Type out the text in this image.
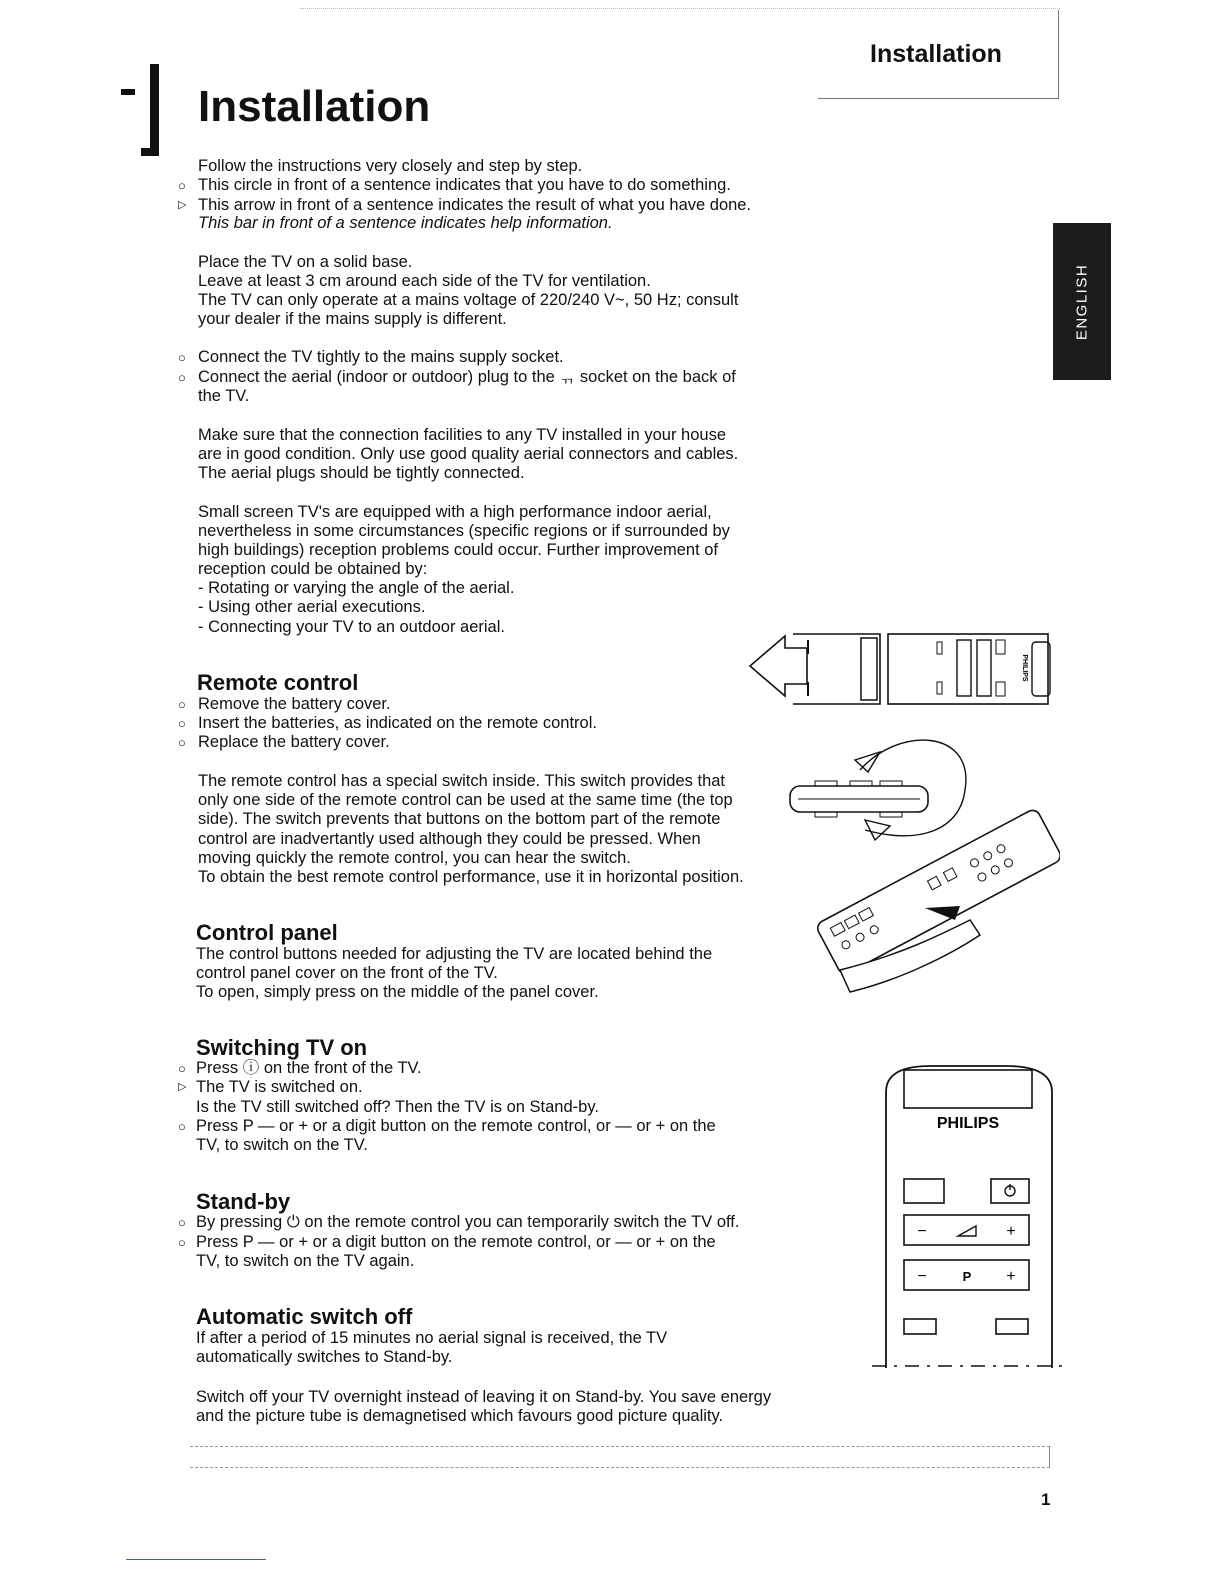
Installation
Installation
ENGLISH
Follow the instructions very closely and step by step.
○ This circle in front of a sentence indicates that you have to do something.
▷ This arrow in front of a sentence indicates the result of what you have done.
This bar in front of a sentence indicates help information.
Place the TV on a solid base.
Leave at least 3 cm around each side of the TV for ventilation.
The TV can only operate at a mains voltage of 220/240 V~, 50 Hz; consult
your dealer if the mains supply is different.
○ Connect the TV tightly to the mains supply socket.
○ Connect the aerial (indoor or outdoor) plug to the ᆩ socket on the back of
the TV.
Make sure that the connection facilities to any TV installed in your house
are in good condition. Only use good quality aerial connectors and cables.
The aerial plugs should be tightly connected.
Small screen TV's are equipped with a high performance indoor aerial,
nevertheless in some circumstances (specific regions or if surrounded by
high buildings) reception problems could occur. Further improvement of
reception could be obtained by:
- Rotating or varying the angle of the aerial.
- Using other aerial executions.
- Connecting your TV to an outdoor aerial.
PHILIPS
Remote control
○ Remove the battery cover.
○ Insert the batteries, as indicated on the remote control.
○ Replace the battery cover.
The remote control has a special switch inside. This switch provides that
only one side of the remote control can be used at the same time (the top
side). The switch prevents that buttons on the bottom part of the remote
control are inadvertantly used although they could be pressed. When
moving quickly the remote control, you can hear the switch.
To obtain the best remote control performance, use it in horizontal position.
Control panel
The control buttons needed for adjusting the TV are located behind the
control panel cover on the front of the TV.
To open, simply press on the middle of the panel cover.
Switching TV on
○ Press ⓘ on the front of the TV.
▷ The TV is switched on.
Is the TV still switched off? Then the TV is on Stand-by.
○ Press P — or + or a digit button on the remote control, or — or + on the
TV, to switch on the TV.
Stand-by
○ By pressing ⏻ on the remote control you can temporarily switch the TV off.
○ Press P — or + or a digit button on the remote control, or — or + on the
TV, to switch on the TV again.
Automatic switch off
If after a period of 15 minutes no aerial signal is received, the TV
automatically switches to Stand-by.
Switch off your TV overnight instead of leaving it on Stand-by. You save energy
and the picture tube is demagnetised which favours good picture quality.
PHILIPS
−	+
−	P +
1
